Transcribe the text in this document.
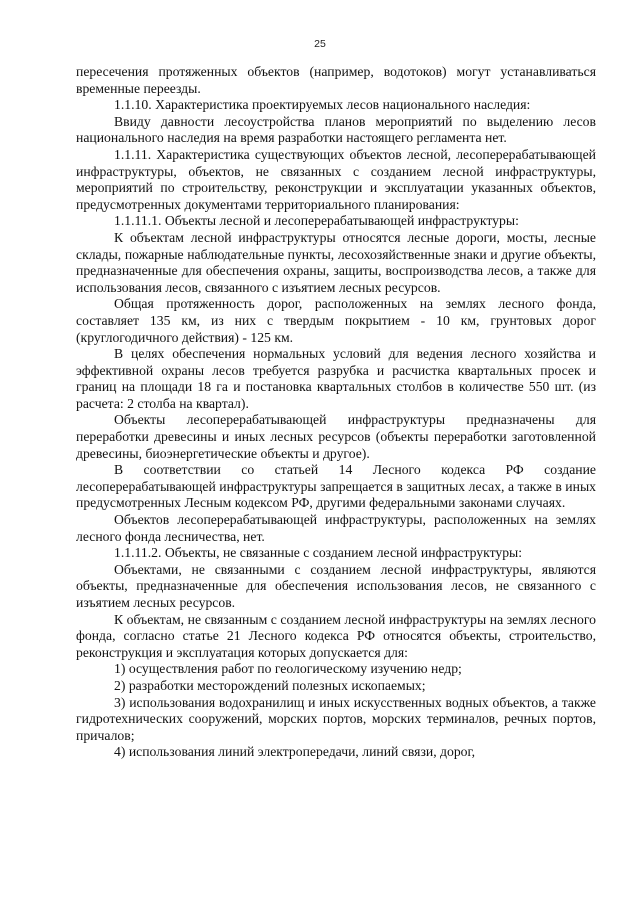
25

пересечения протяженных объектов (например, водотоков) могут устанавливаться временные переезды.

1.1.10. Характеристика проектируемых лесов национального наследия:

Ввиду давности лесоустройства планов мероприятий по выделению лесов национального наследия на время разработки настоящего регламента нет.

1.1.11. Характеристика существующих объектов лесной, лесоперерабатывающей инфраструктуры, объектов, не связанных с созданием лесной инфраструктуры, мероприятий по строительству, реконструкции и эксплуатации указанных объектов, предусмотренных документами территориального планирования:

1.1.11.1. Объекты лесной и лесоперерабатывающей инфраструктуры:

К объектам лесной инфраструктуры относятся лесные дороги, мосты, лесные склады, пожарные наблюдательные пункты, лесохозяйственные знаки и другие объекты, предназначенные для обеспечения охраны, защиты, воспроизводства лесов, а также для использования лесов, связанного с изъятием лесных ресурсов.

Общая протяженность дорог, расположенных на землях лесного фонда, составляет 135 км, из них с твердым покрытием - 10 км, грунтовых дорог (круглогодичного действия) - 125 км.

В целях обеспечения нормальных условий для ведения лесного хозяйства и эффективной охраны лесов требуется разрубка и расчистка квартальных просек и границ на площади 18 га и постановка квартальных столбов в количестве 550 шт. (из расчета: 2 столба на квартал).

Объекты лесоперерабатывающей инфраструктуры предназначены для переработки древесины и иных лесных ресурсов (объекты переработки заготовленной древесины, биоэнергетические объекты и другое).

В соответствии со статьей 14 Лесного кодекса РФ создание лесоперерабатывающей инфраструктуры запрещается в защитных лесах, а также в иных предусмотренных Лесным кодексом РФ, другими федеральными законами случаях.

Объектов лесоперерабатывающей инфраструктуры, расположенных на землях лесного фонда лесничества, нет.

1.1.11.2. Объекты, не связанные с созданием лесной инфраструктуры:

Объектами, не связанными с созданием лесной инфраструктуры, являются объекты, предназначенные для обеспечения использования лесов, не связанного с изъятием лесных ресурсов.

К объектам, не связанным с созданием лесной инфраструктуры на землях лесного фонда, согласно статье 21 Лесного кодекса РФ относятся объекты, строительство, реконструкция и эксплуатация которых допускается для:

1) осуществления работ по геологическому изучению недр;

2) разработки месторождений полезных ископаемых;

3) использования водохранилищ и иных искусственных водных объектов, а также гидротехнических сооружений, морских портов, морских терминалов, речных портов, причалов;

4) использования линий электропередачи, линий связи, дорог,
